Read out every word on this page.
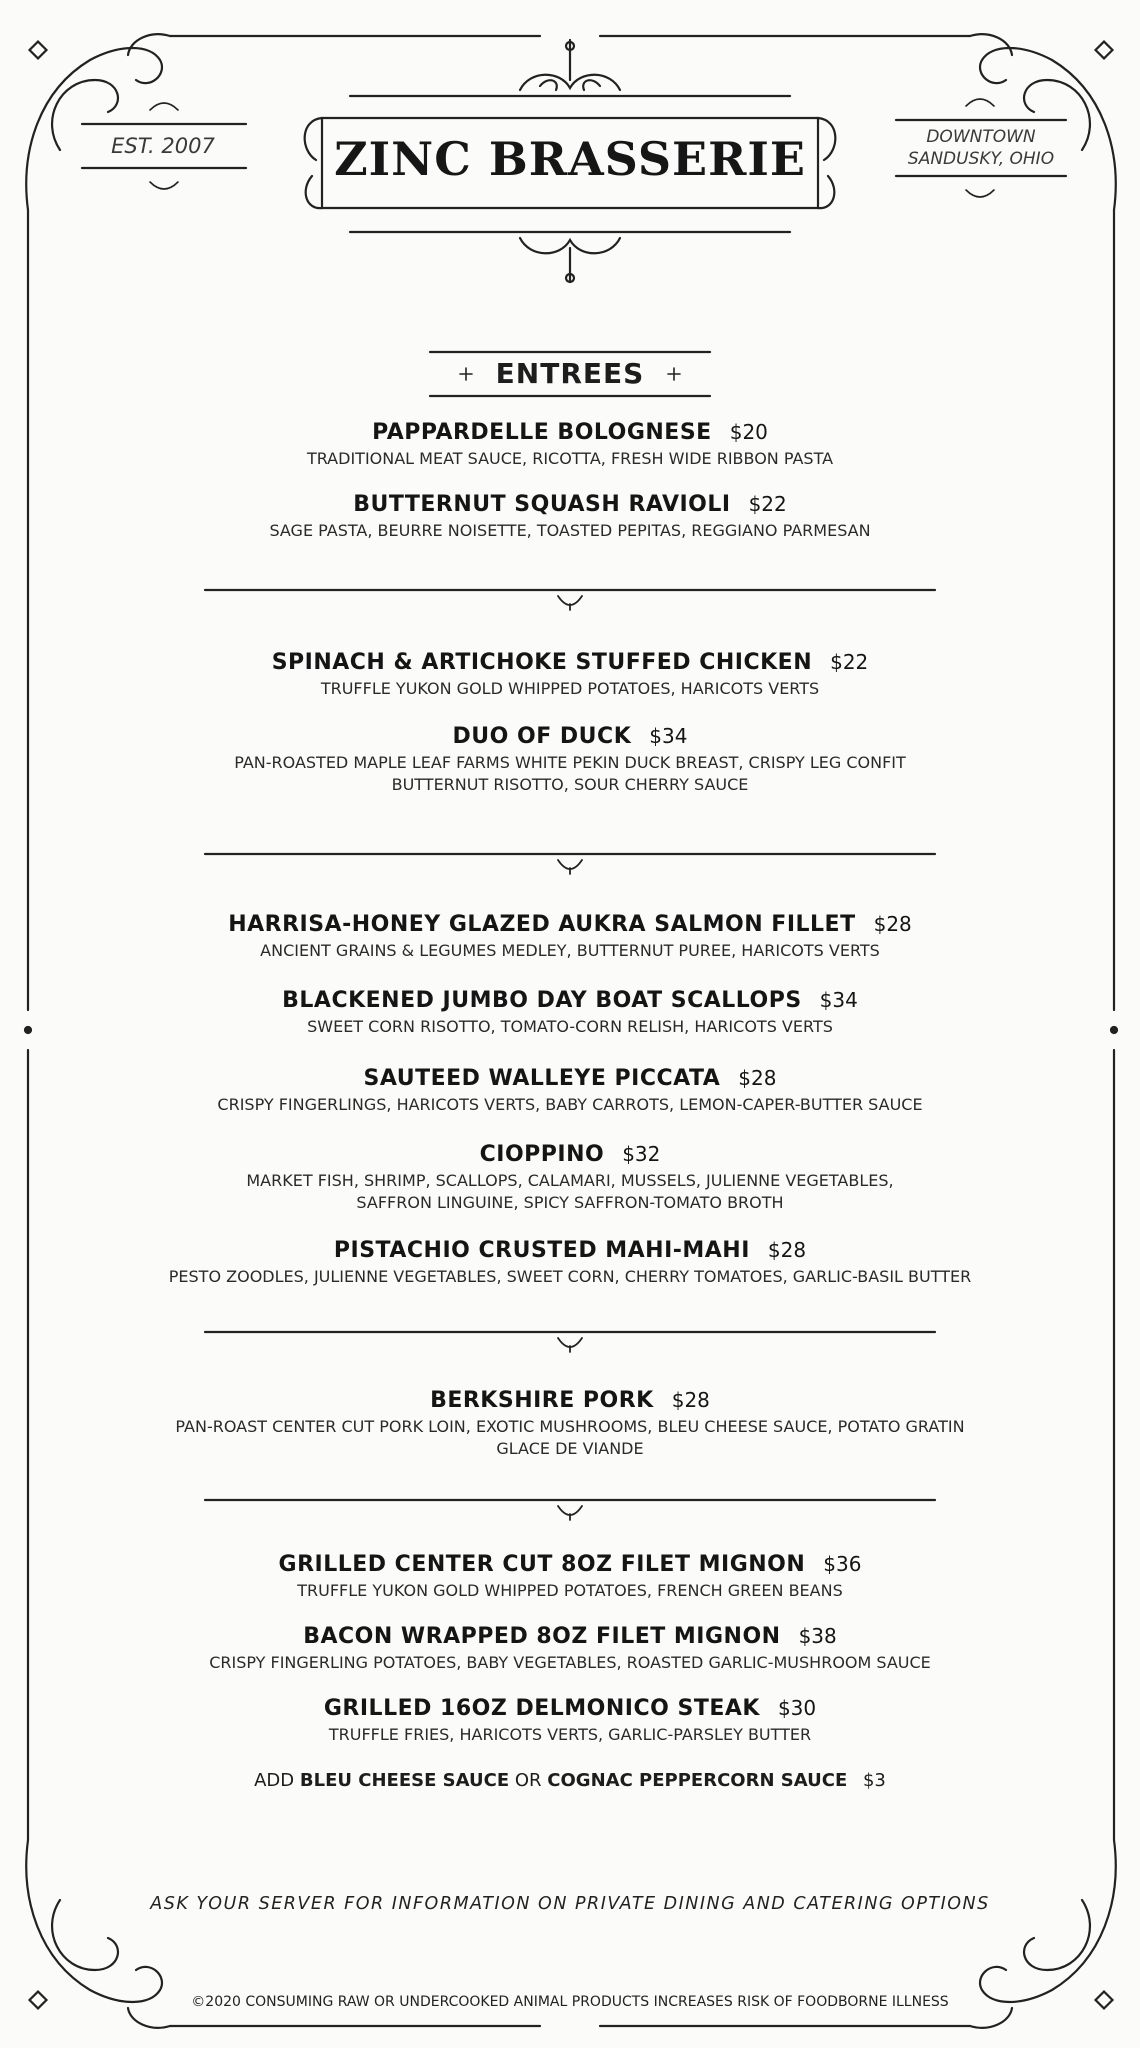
EST. 2007	DOWNTOWN
SANDUSKY, OHIO
ZINC BRASSERIE
ENTREES
PAPPARDELLE BOLOGNESE $20
TRADITIONAL MEAT SAUCE, RICOTTA, FRESH WIDE RIBBON PASTA
BUTTERNUT SQUASH RAVIOLI $22
SAGE PASTA, BEURRE NOISETTE, TOASTED PEPITAS, REGGIANO PARMESAN
SPINACH & ARTICHOKE STUFFED CHICKEN $22
TRUFFLE YUKON GOLD WHIPPED POTATOES, HARICOTS VERTS
DUO OF DUCK $34
PAN-ROASTED MAPLE LEAF FARMS WHITE PEKIN DUCK BREAST, CRISPY LEG CONFIT
BUTTERNUT RISOTTO, SOUR CHERRY SAUCE
HARRISA-HONEY GLAZED AUKRA SALMON FILLET $28
ANCIENT GRAINS & LEGUMES MEDLEY, BUTTERNUT PUREE, HARICOTS VERTS
BLACKENED JUMBO DAY BOAT SCALLOPS $34
SWEET CORN RISOTTO, TOMATO-CORN RELISH, HARICOTS VERTS
SAUTEED WALLEYE PICCATA $28
CRISPY FINGERLINGS, HARICOTS VERTS, BABY CARROTS, LEMON-CAPER-BUTTER SAUCE
CIOPPINO $32
MARKET FISH, SHRIMP, SCALLOPS, CALAMARI, MUSSELS, JULIENNE VEGETABLES,
SAFFRON LINGUINE, SPICY SAFFRON-TOMATO BROTH
PISTACHIO CRUSTED MAHI-MAHI $28
PESTO ZOODLES, JULIENNE VEGETABLES, SWEET CORN, CHERRY TOMATOES, GARLIC-BASIL BUTTER
BERKSHIRE PORK $28
PAN-ROAST CENTER CUT PORK LOIN, EXOTIC MUSHROOMS, BLEU CHEESE SAUCE, POTATO GRATIN
GLACE DE VIANDE
GRILLED CENTER CUT 8OZ FILET MIGNON $36
TRUFFLE YUKON GOLD WHIPPED POTATOES, FRENCH GREEN BEANS
BACON WRAPPED 8OZ FILET MIGNON $38
CRISPY FINGERLING POTATOES, BABY VEGETABLES, ROASTED GARLIC-MUSHROOM SAUCE
GRILLED 16OZ DELMONICO STEAK $30
TRUFFLE FRIES, HARICOTS VERTS, GARLIC-PARSLEY BUTTER
ADD BLEU CHEESE SAUCE OR COGNAC PEPPERCORN SAUCE $3
ASK YOUR SERVER FOR INFORMATION ON PRIVATE DINING AND CATERING OPTIONS
©2020 CONSUMING RAW OR UNDERCOOKED ANIMAL PRODUCTS INCREASES RISK OF FOODBORNE ILLNESS
